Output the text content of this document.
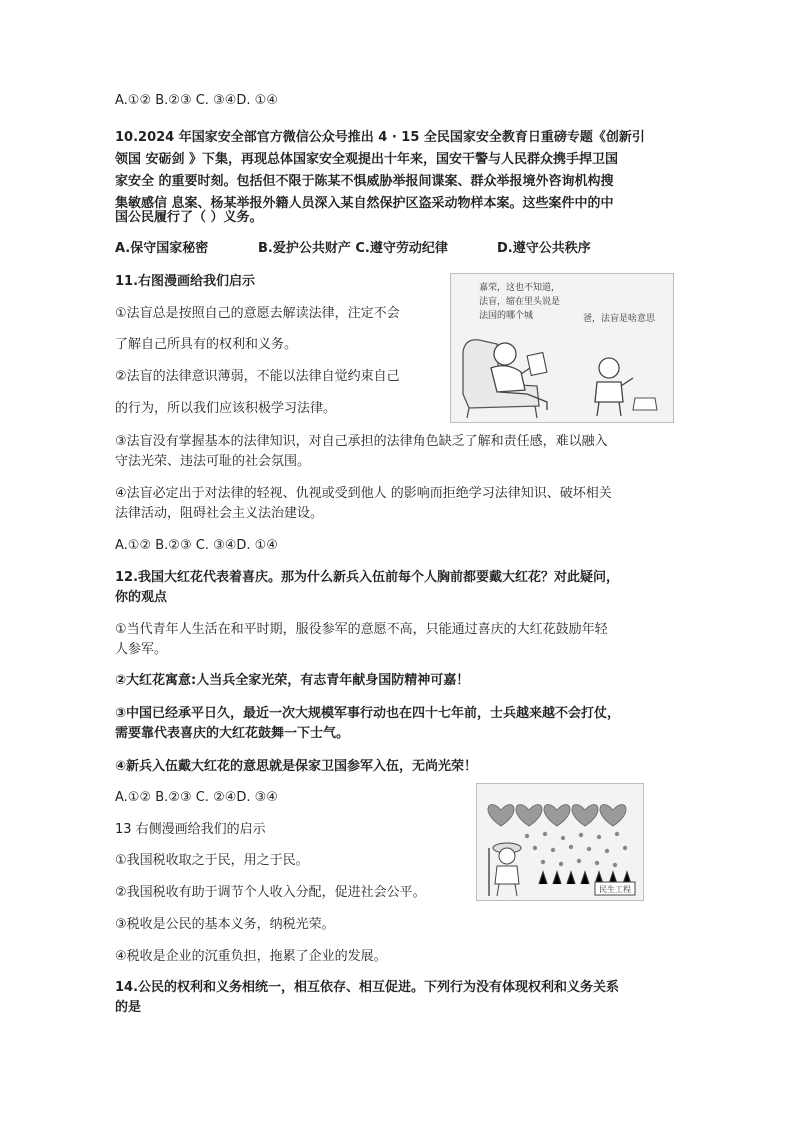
A.①② B.②③ C. ③④D. ①④
10.2024 年国家安全部官方微信公众号推出 4 · 15 全民国家安全教育日重磅专题《创新引
领国 安砺剑 》下集，再现总体国家安全观提出十年来，国安干警与人民群众携手捍卫国
家安全 的重要时刻。包括但不限于陈某不惧威胁举报间谍案、群众举报境外咨询机构搜
集敏感信 息案、杨某举报外籍人员深入某自然保护区盗采动物样本案。这些案件中的中
国公民履行了（ ）义务。
A.保守国家秘密	B.爱护公共财产 C.遵守劳动纪律	D.遵守公共秩序
11.右图漫画给我们启示
①法盲总是按照自己的意愿去解读法律，注定不会
了解自己所具有的权利和义务。
②法盲的法律意识薄弱，不能以法律自觉约束自己
的行为，所以我们应该积极学习法律。
嘉荣，这也不知道，
法盲，缩在里头说是
法国的哪个城	爸，法盲是啥意思
③法盲没有掌握基本的法律知识，对自己承担的法律角色缺乏了解和责任感，难以融入
守法光荣、违法可耻的社会氛围。
④法盲必定出于对法律的轻视、仇视或受到他人 的影响而拒绝学习法律知识、破坏相关
法律活动，阻碍社会主义法治建设。
A.①② B.②③ C. ③④D. ①④
12.我国大红花代表着喜庆。那为什么新兵入伍前每个人胸前都要戴大红花？对此疑问，
你的观点
①当代青年人生活在和平时期，服役参军的意愿不高，只能通过喜庆的大红花鼓励年轻
人参军。
②大红花寓意:人当兵全家光荣，有志青年献身国防精神可嘉！
③中国已经承平日久，最近一次大规模军事行动也在四十七年前，士兵越来越不会打仗，
需要靠代表喜庆的大红花鼓舞一下士气。
④新兵入伍戴大红花的意思就是保家卫国参军入伍，无尚光荣！
A.①② B.②③ C. ②④D. ③④
13 右侧漫画给我们的启示
①我国税收取之于民，用之于民。
②我国税收有助于调节个人收入分配，促进社会公平。	民生工程
③税收是公民的基本义务，纳税光荣。
④税收是企业的沉重负担，拖累了企业的发展。
14.公民的权利和义务相统一，相互依存、相互促进。下列行为没有体现权利和义务关系
的是
